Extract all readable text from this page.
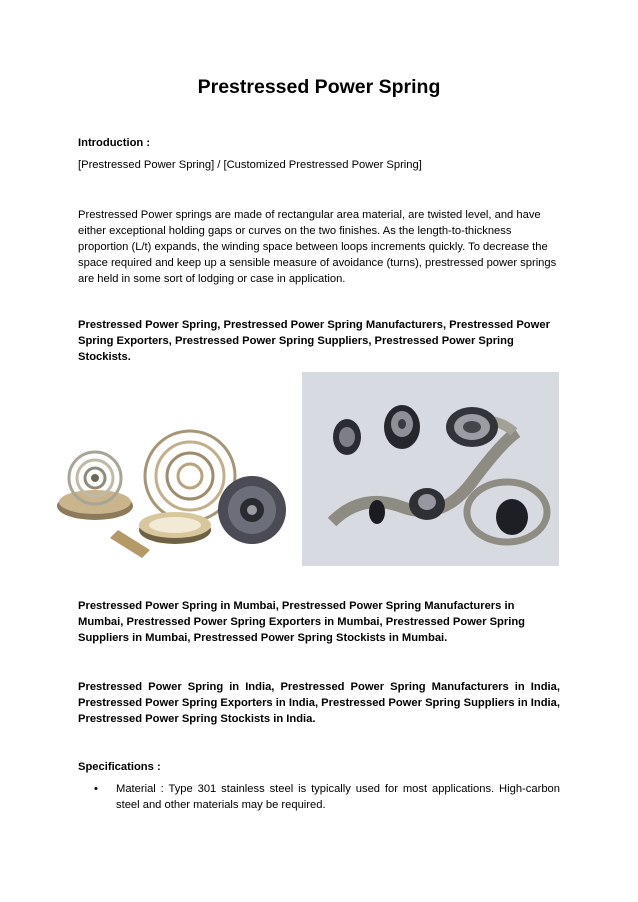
Prestressed Power Spring
Introduction :
[Prestressed Power Spring] / [Customized Prestressed Power Spring]
Prestressed Power springs are made of rectangular area material, are twisted level, and have either exceptional holding gaps or curves on the two finishes. As the length-to-thickness proportion (L/t) expands, the winding space between loops increments quickly. To decrease the space required and keep up a sensible measure of avoidance (turns), prestressed power springs are held in some sort of lodging or case in application.
Prestressed Power Spring, Prestressed Power Spring Manufacturers, Prestressed Power Spring Exporters, Prestressed Power Spring Suppliers, Prestressed Power Spring Stockists.
Prestressed Power Spring in Mumbai, Prestressed Power Spring Manufacturers in Mumbai, Prestressed Power Spring Exporters in Mumbai, Prestressed Power Spring Suppliers in Mumbai, Prestressed Power Spring Stockists in Mumbai.
Prestressed Power Spring in India, Prestressed Power Spring Manufacturers in India, Prestressed Power Spring Exporters in India, Prestressed Power Spring Suppliers in India, Prestressed Power Spring Stockists in India.
Specifications :
• Material : Type 301 stainless steel is typically used for most applications. High-carbon steel and other materials may be required.
